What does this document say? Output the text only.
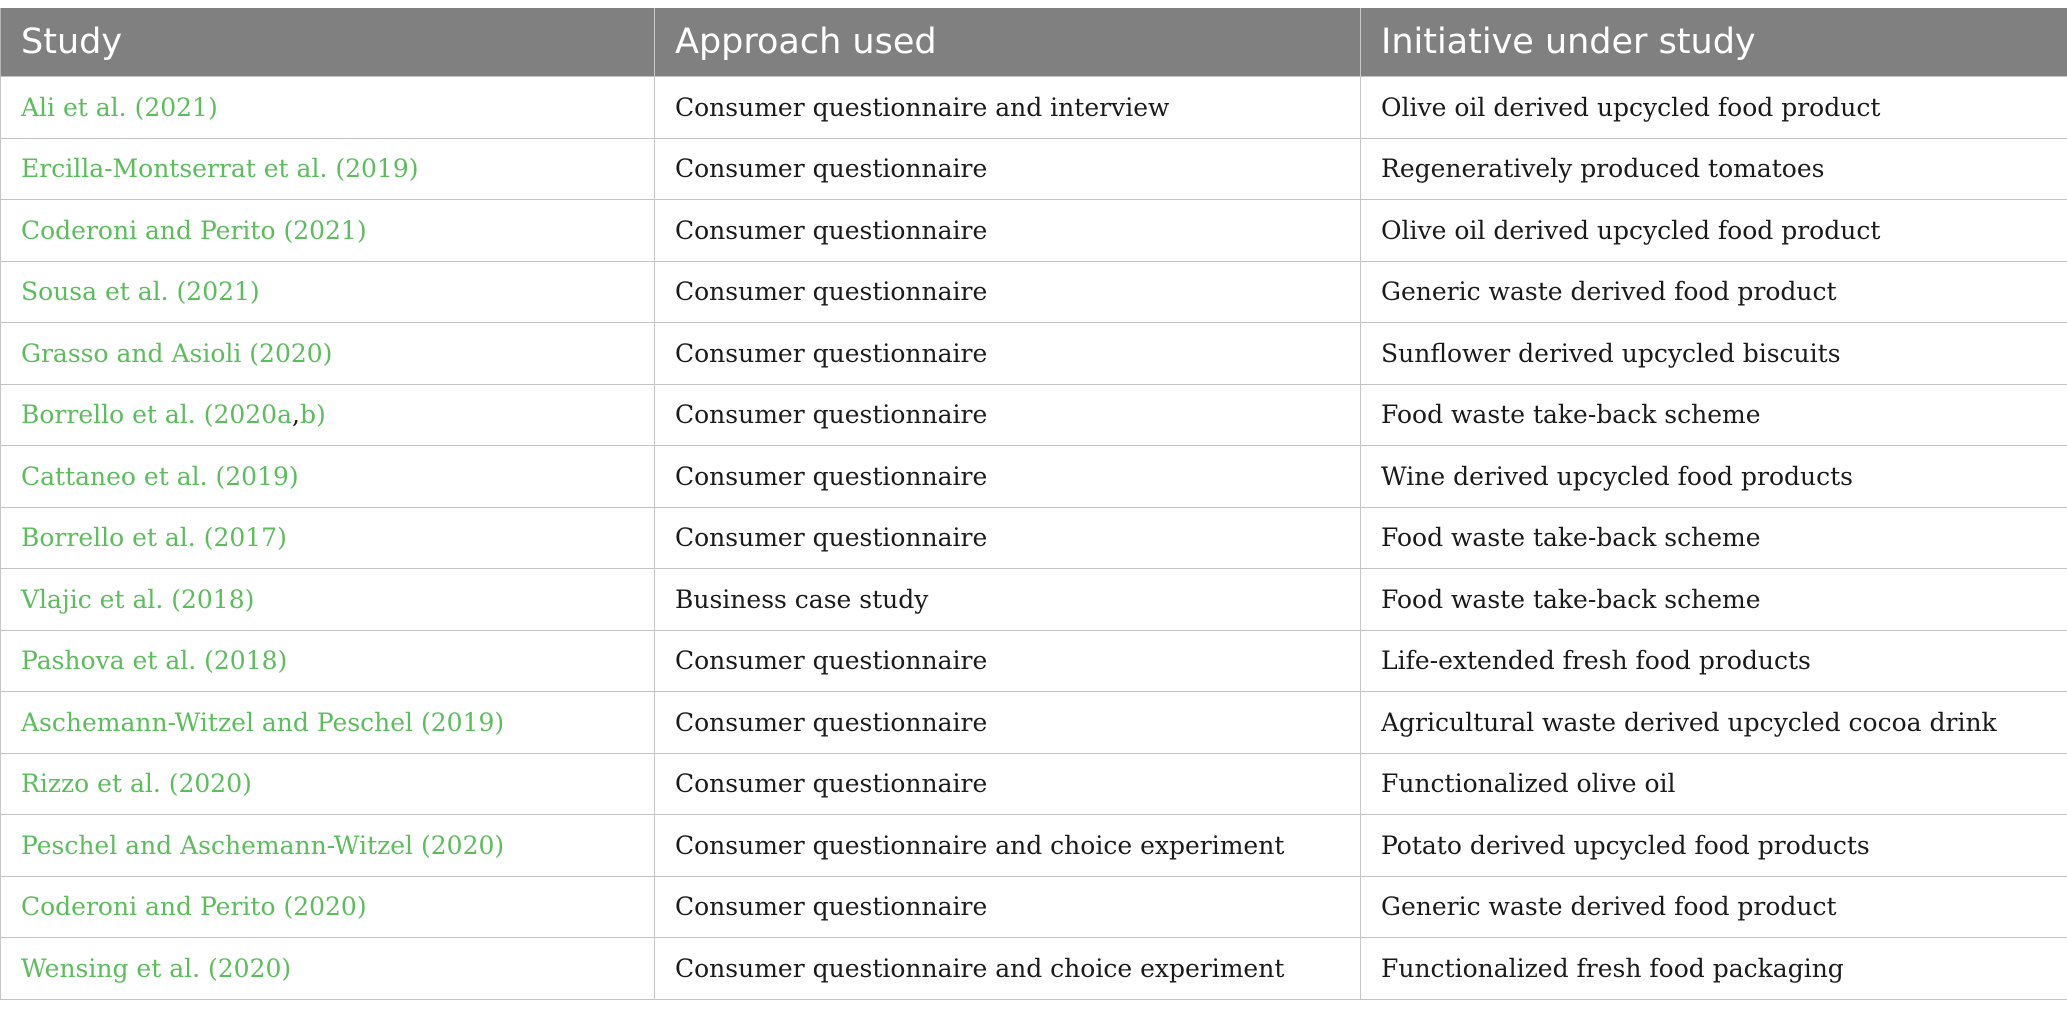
Study	Approach used	Initiative under study
Ali et al. (2021)	Consumer questionnaire and interview	Olive oil derived upcycled food product
Ercilla-Montserrat et al. (2019)	Consumer questionnaire	Regeneratively produced tomatoes
Coderoni and Perito (2021)	Consumer questionnaire	Olive oil derived upcycled food product
Sousa et al. (2021)	Consumer questionnaire	Generic waste derived food product
Grasso and Asioli (2020)	Consumer questionnaire	Sunflower derived upcycled biscuits
Borrello et al. (2020a,b)	Consumer questionnaire	Food waste take-back scheme
Cattaneo et al. (2019)	Consumer questionnaire	Wine derived upcycled food products
Borrello et al. (2017)	Consumer questionnaire	Food waste take-back scheme
Vlajic et al. (2018)	Business case study	Food waste take-back scheme
Pashova et al. (2018)	Consumer questionnaire	Life-extended fresh food products
Aschemann-Witzel and Peschel (2019)	Consumer questionnaire	Agricultural waste derived upcycled cocoa drink
Rizzo et al. (2020)	Consumer questionnaire	Functionalized olive oil
Peschel and Aschemann-Witzel (2020)	Consumer questionnaire and choice experiment	Potato derived upcycled food products
Coderoni and Perito (2020)	Consumer questionnaire	Generic waste derived food product
Wensing et al. (2020)	Consumer questionnaire and choice experiment	Functionalized fresh food packaging
